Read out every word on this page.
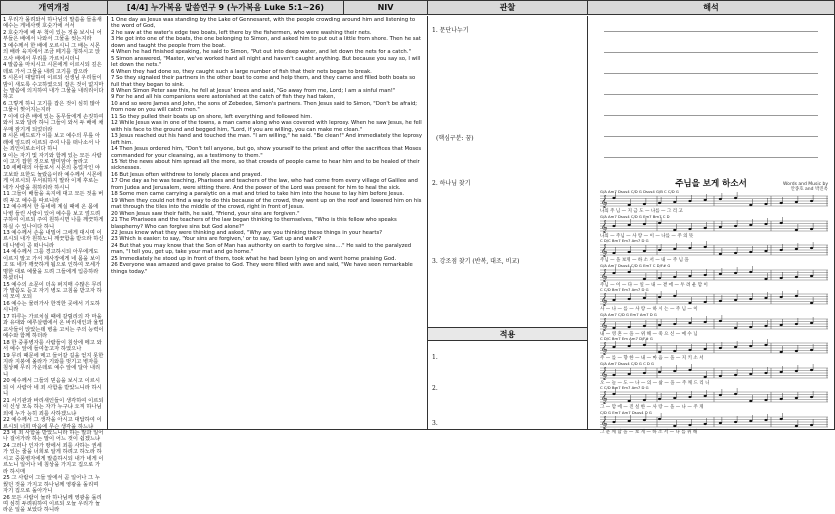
개역개정	[4/4] 누가복음 말씀연구 9 (누가복음 Luke 5:1~26)	NIV	관찰	해석
1 무리가 몰려와서 하나님의 말씀을 들을새 예수는 게네사렛 호숫가에 서서
2 호숫가에 배 두 척이 있는 것을 보시니 어부들은 배에서 나와서 그물을 씻는지라
3 예수께서 한 배에 오르시니 그 배는 시몬의 배라 육지에서 조금 떼기를 청하시고 앉으사 배에서 무리를 가르치시더니
4 말씀을 마치시고 시몬에게 이르시되 깊은 데로 가서 그물을 내려 고기를 잡으라
5 시몬이 대답하여 이르되 선생님 우리들이 밤이 새도록 수고하였으되 잡은 것이 없지마는 말씀에 의지하여 내가 그물을 내리리이다 하고
6 그렇게 하니 고기를 잡은 것이 심히 많아 그물이 찢어지는지라
7 이에 다른 배에 있는 동무들에게 손짓하여 와서 도와 달라 하니 그들이 와서 두 배에 채우매 잠기게 되었더라
8 시몬 베드로가 이를 보고 예수의 무릎 아래에 엎드려 이르되 주여 나를 떠나소서 나는 죄인이로소이다 하니
9 이는 자기 및 자기와 함께 있는 모든 사람이 고기 잡힌 것으로 말미암아 놀라고
10 세베대의 아들로서 시몬의 동업자인 야고보와 요한도 놀랐음이라 예수께서 시몬에게 이르시되 무서워하지 말라 이제 후로는 네가 사람을 취하리라 하시니
11 그들이 배들을 육지에 대고 모든 것을 버려 두고 예수를 따르니라
12 예수께서 한 동네에 계실 때에 온 몸에 나병 들린 사람이 있어 예수를 보고 엎드려 구하여 이르되 주여 원하시면 나를 깨끗하게 하실 수 있나이다 하니
13 예수께서 손을 내밀어 그에게 대시며 이르시되 내가 원하노니 깨끗함을 받으라 하신대 나병이 곧 떠나니라
14 예수께서 그를 경고하시되 아무에게도 이르지 말고 가서 제사장에게 네 몸을 보이고 또 네가 깨끗하게 됨으로 인하여 모세가 명한 대로 예물을 드려 그들에게 입증하라 하셨더니
15 예수의 소문이 더욱 퍼지매 수많은 무리가 말씀도 듣고 자기 병도 고침을 받고자 하여 모여 오되
16 예수는 물러가사 한적한 곳에서 기도하시니라
17 하루는 가르치실 때에 갈릴리의 각 마을과 유대와 예루살렘에서 온 바리새인과 율법교사들이 앉았는데 병을 고치는 주의 능력이 예수와 함께 하더라
18 한 중풍병자를 사람들이 침상에 메고 와서 예수 앞에 들여놓고자 하였으나
19 무리 때문에 메고 들어갈 길을 얻지 못한지라 지붕에 올라가 기와를 벗기고 병자를 침상째 무리 가운데로 예수 앞에 달아 내리니
20 예수께서 그들의 믿음을 보시고 이르시되 이 사람아 네 죄 사함을 받았느니라 하시니
21 서기관과 바리새인들이 생각하여 이르되 이 신성 모독 하는 자가 누구냐 오직 하나님 외에 누가 능히 죄를 사하겠느냐
22 예수께서 그 생각을 아시고 대답하여 이르시되 너희 마음에 무슨 생각을 하느냐
23 네 죄 사함을 받았느니라 하는 말과 일어나 걸어가라 하는 말이 어느 것이 쉽겠느냐
24 그러나 인자가 땅에서 죄를 사하는 권세가 있는 줄을 너희로 알게 하려고 하노라 하시고 중풍병자에게 말씀하시되 내가 네게 이르노니 일어나 네 침상을 가지고 집으로 가라 하시매
25 그 사람이 그들 앞에서 곧 일어나 그 누웠던 것을 가지고 하나님께 영광을 돌리며 자기 집으로 돌아가니
26 모든 사람이 놀라 하나님께 영광을 돌리며 심히 두려워하여 이르되 오늘 우리가 놀라운 일을 보았다 하니라
1 One day as Jesus was standing by the Lake of Gennesaret, with the people crowding around him and listening to the word of God,
2 he saw at the water's edge two boats, left there by the fishermen, who were washing their nets.
3 He got into one of the boats, the one belonging to Simon, and asked him to put out a little from shore. Then he sat down and taught the people from the boat.
4 When he had finished speaking, he said to Simon, "Put out into deep water, and let down the nets for a catch."
5 Simon answered, "Master, we've worked hard all night and haven't caught anything. But because you say so, I will let down the nets."
6 When they had done so, they caught such a large number of fish that their nets began to break.
7 So they signaled their partners in the other boat to come and help them, and they came and filled both boats so full that they began to sink.
8 When Simon Peter saw this, he fell at Jesus' knees and said, "Go away from me, Lord; I am a sinful man!"
9 For he and all his companions were astonished at the catch of fish they had taken,
10 and so were James and John, the sons of Zebedee, Simon's partners. Then Jesus said to Simon, "Don't be afraid; from now on you will catch men."
11 So they pulled their boats up on shore, left everything and followed him.
12 While Jesus was in one of the towns, a man came along who was covered with leprosy. When he saw Jesus, he fell with his face to the ground and begged him, "Lord, if you are willing, you can make me clean."
13 Jesus reached out his hand and touched the man. "I am willing," he said. "Be clean!" And immediately the leprosy left him.
14 Then Jesus ordered him, "Don't tell anyone, but go, show yourself to the priest and offer the sacrifices that Moses commanded for your cleansing, as a testimony to them."
15 Yet the news about him spread all the more, so that crowds of people came to hear him and to be healed of their sicknesses.
16 But Jesus often withdrew to lonely places and prayed.
17 One day as he was teaching, Pharisees and teachers of the law, who had come from every village of Galilee and from Judea and Jerusalem, were sitting there. And the power of the Lord was present for him to heal the sick.
18 Some men came carrying a paralytic on a mat and tried to take him into the house to lay him before Jesus.
19 When they could not find a way to do this because of the crowd, they went up on the roof and lowered him on his mat through the tiles into the middle of the crowd, right in front of Jesus.
20 When Jesus saw their faith, he said, "Friend, your sins are forgiven."
21 The Pharisees and the teachers of the law began thinking to themselves, "Who is this fellow who speaks blasphemy? Who can forgive sins but God alone?"
22 Jesus knew what they were thinking and asked, "Why are you thinking these things in your hearts?
23 Which is easier: to say, 'Your sins are forgiven,' or to say, 'Get up and walk'?
24 But that you may know that the Son of Man has authority on earth to forgive sins...." He said to the paralyzed man, "I tell you, get up, take your mat and go home."
25 Immediately he stood up in front of them, took what he had been lying on and went home praising God.
26 Everyone was amazed and gave praise to God. They were filled with awe and said, "We have seen remarkable things today."
1. 문단나누기
(핵심구분: 꿈)
2. 하나님 찾기
3. 강조점 찾기 (반복, 대조, 비교)
적용
1.
2.
3.
주님을 보게 하소서	Words and Music by
안종호 and 박진옥
G/A Am7 Dsus4 C/D G Dsus4 G/B C C/D G
𝄞
나의 주 님 — 지 금 도 — 나를 — 그 리 고
G/A Am7 Dsus4 C/D G Em7 Bm7 C D
𝄞
나의 — 주님 — 사 랑 — 이 — 나를 — 주 의 뜻
C D/C Bm7 Em7 Am7 D G
𝄞
주님 — 을 보게 — 하 소 서 — 내 — 주 님 을
G/A Am7 Dsus4 C/D G Em7 C D/F# G
𝄞
주님 — 이 — 다 — 일 — 내 — 곁 에 — 두 려 운 맘 이
C C/D Bm7 Em7 Am7 D G
𝄞
사 — 나 — 를 — 사 랑 — 하 시 는 — 주 님 — 이
G/A Am7 C/D G Em7 Am7 D G
𝄞
내 — 영 혼 — 을 — 위 해 — 죽 으 신 — 예 수 님
C D/C Bm7 Em Am7 D/F# G
𝄞
주 — 를 — 향 한 — 내 — 마 음 — 을 — 지 키 소 서
G/A Am7 Dsus4 C/D G C D G
𝄞
오 — 늘 — 도 — 나 — 의 — 삶 — 을 — 주 께 드 리 니
C C/D Bm7 Em7 Am7 D G
𝄞
그 — 맘 에 — 진 실 한 — 사 랑 — 을 — 나 — 주 게
C/D G Em7 Am7 Dsus4 D G
𝄞
그 분 께 함 을 — 보 게 — 하 소 서 — 나 를 위 해
